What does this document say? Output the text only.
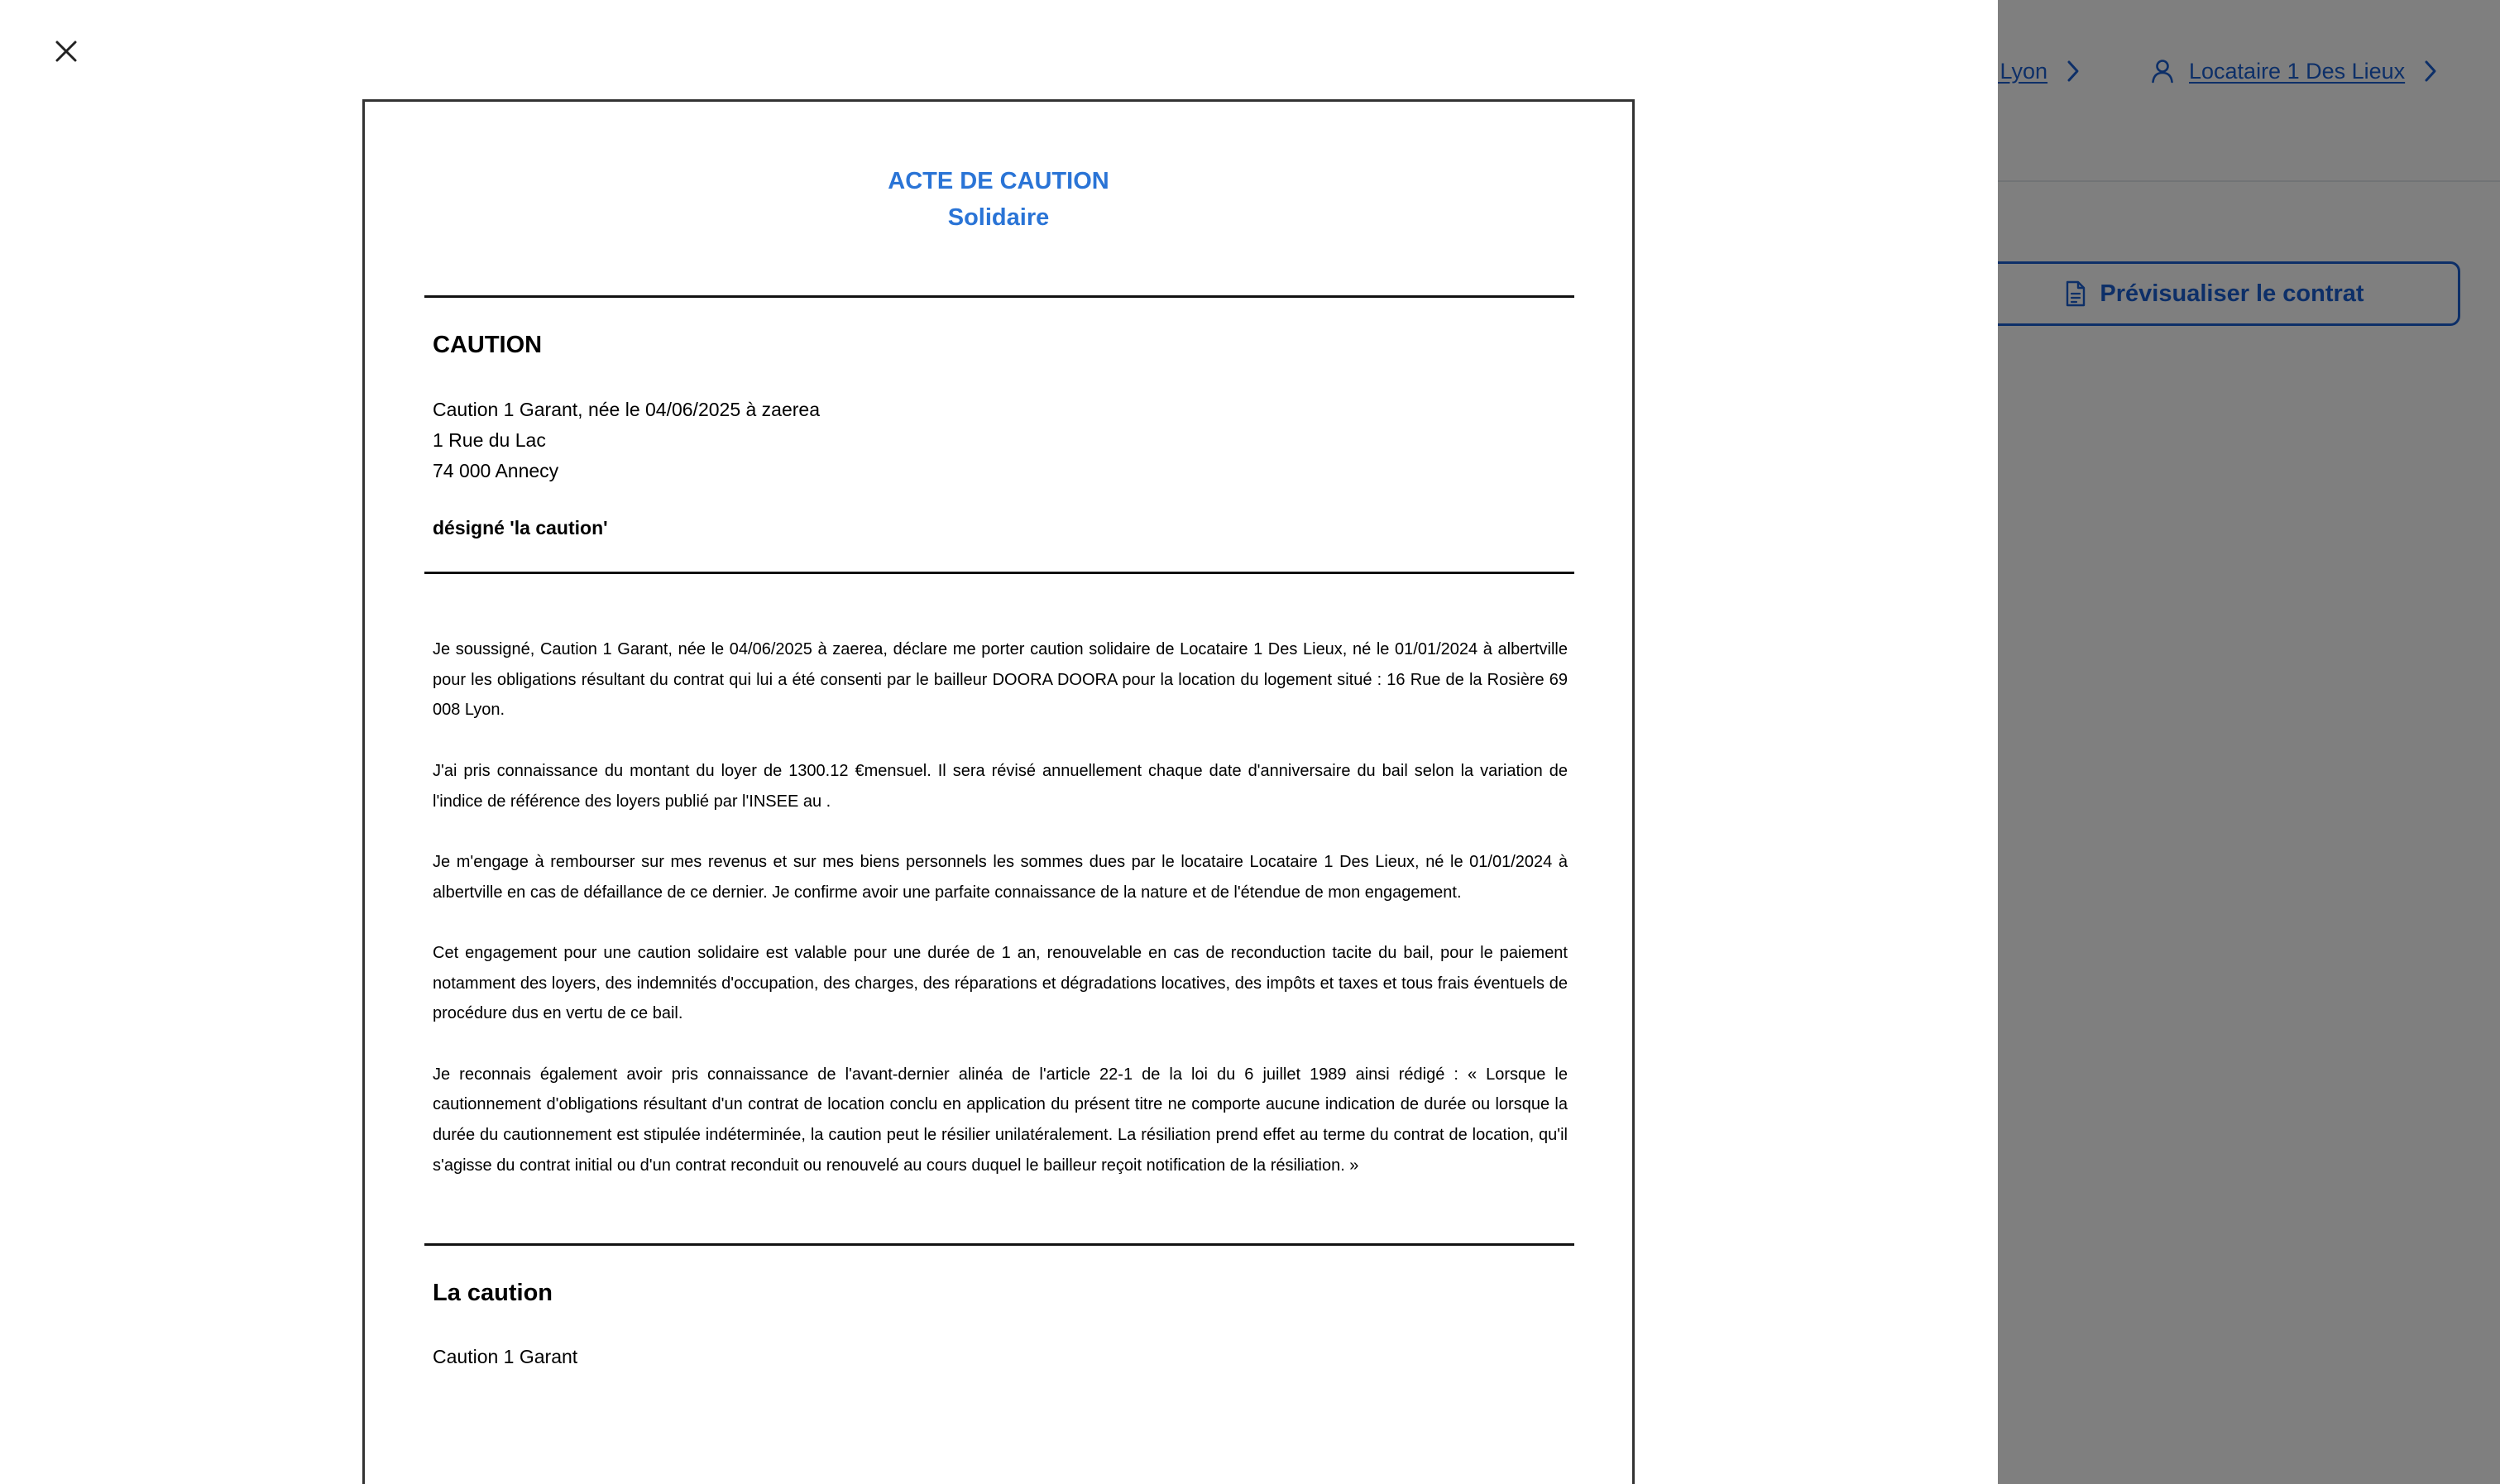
ACTE DE CAUTION
Solidaire
CAUTION
Caution 1 Garant, née le 04/06/2025 à zaerea
1 Rue du Lac
74 000 Annecy
désigné 'la caution'

Je soussigné, Caution 1 Garant, née le 04/06/2025 à zaerea, déclare me porter caution solidaire de Locataire 1 Des Lieux, né le 01/01/2024 à albertville pour les obligations résultant du contrat qui lui a été consenti par le bailleur DOORA DOORA pour la location du logement situé : 16 Rue de la Rosière 69 008 Lyon.

J'ai pris connaissance du montant du loyer de 1300.12 €mensuel. Il sera révisé annuellement chaque date d'anniversaire du bail selon la variation de l'indice de référence des loyers publié par l'INSEE au .

Je m'engage à rembourser sur mes revenus et sur mes biens personnels les sommes dues par le locataire Locataire 1 Des Lieux, né le 01/01/2024 à albertville en cas de défaillance de ce dernier. Je confirme avoir une parfaite connaissance de la nature et de l'étendue de mon engagement.

Cet engagement pour une caution solidaire est valable pour une durée de 1 an, renouvelable en cas de reconduction tacite du bail, pour le paiement notamment des loyers, des indemnités d'occupation, des charges, des réparations et dégradations locatives, des impôts et taxes et tous frais éventuels de procédure dus en vertu de ce bail.

Je reconnais également avoir pris connaissance de l'avant-dernier alinéa de l'article 22-1 de la loi du 6 juillet 1989 ainsi rédigé : « Lorsque le cautionnement d'obligations résultant d'un contrat de location conclu en application du présent titre ne comporte aucune indication de durée ou lorsque la durée du cautionnement est stipulée indéterminée, la caution peut le résilier unilatéralement. La résiliation prend effet au terme du contrat de location, qu'il s'agisse du contrat initial ou d'un contrat reconduit ou renouvelé au cours duquel le bailleur reçoit notification de la résiliation. »

La caution
Caution 1 Garant
